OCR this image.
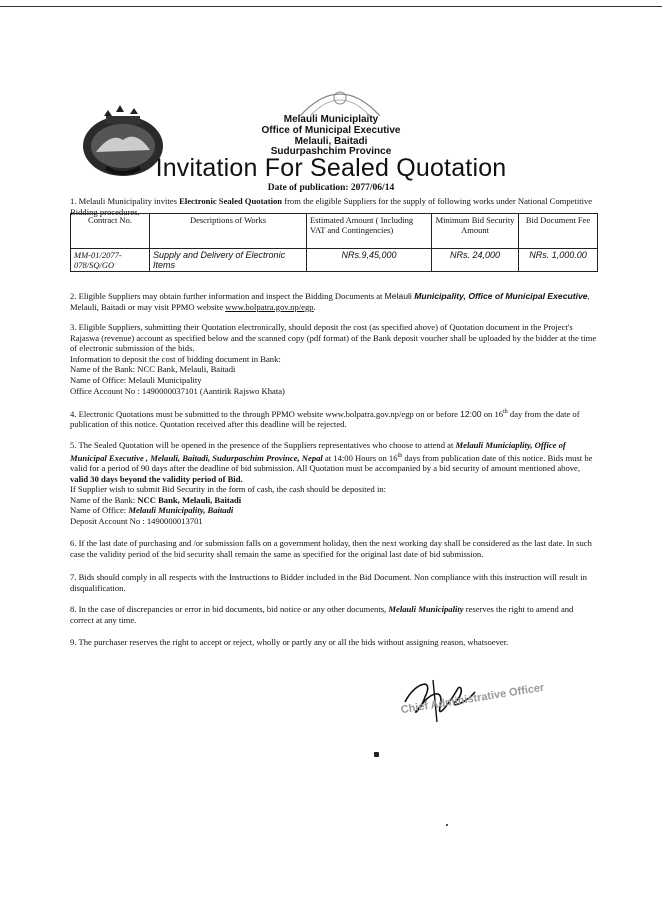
Melauli Municiplaity
Office of Municipal Executive
Melauli, Baitadi
Sudurpashchim Province
Invitation For Sealed Quotation
Date of publication: 2077/06/14
1. Melauli Municipality invites Electronic Sealed Quotation from the eligible Suppliers for the supply of following works under National Competitive Bidding procedures.
Contract No.	Descriptions of Works	Estimated Amount ( Including VAT and Contingencies)	Minimum Bid Security Amount	Bid Document Fee
MM-01/2077-078/SQ/GO	Supply and Delivery of Electronic Items	NRs.9,45,000	NRs. 24,000	NRs. 1,000.00
2. Eligible Suppliers may obtain further information and inspect the Bidding Documents at Melauli Municipality, Office of Municipal Executive, Melauli, Baitadi or may visit PPMO website www.bolpatra.gov.np/egp.
3. Eligible Suppliers, submitting their Quotation electronically, should deposit the cost (as specified above) of Quotation document in the Project's Rajaswa (revenue) account as specified below and the scanned copy (pdf format) of the Bank deposit voucher shall be uploaded by the bidder at the time of electronic submission of the bids.
Information to deposit the cost of bidding document in Bank:
Name of the Bank: NCC Bank, Melauli, Baitadi
Name of Office: Melauli Municipality
Office Account No : 1490000037101 (Aantirik Rajswo Khata)
4. Electronic Quotations must be submitted to the through PPMO website www.bolpatra.gov.np/egp on or before 12:00 on 16th day from the date of publication of this notice. Quotation received after this deadline will be rejected.
5. The Sealed Quotation will be opened in the presence of the Suppliers representatives who choose to attend at Melauli Municiaplity, Office of Municipal Executive , Melauli, Baitadi, Sudurpaschim Province, Nepal at 14:00 Hours on 16th days from publication date of this notice. Bids must be valid for a period of 90 days after the deadline of bid submission. All Quotation must be accompanied by a bid security of amount mentioned above, valid 30 days beyond the validity period of Bid.
If Supplier wish to submit Bid Security in the form of cash, the cash should be deposited in:
Name of the Bank: NCC Bank, Melauli, Baitadi
Name of Office: Melauli Municipality, Baitadi
Deposit Account No : 1490000013701
6. If the last date of purchasing and /or submission falls on a government holiday, then the next working day shall be considered as the last date. In such case the validity period of the bid security shall remain the same as specified for the original last date of bid submission.
7. Bids should comply in all respects with the Instructions to Bidder included in the Bid Document. Non compliance with this instruction will result in disqualification.
8. In the case of discrepancies or error in bid documents, bid notice or any other documents, Melauli Municipality reserves the right to amend and correct at any time.
9. The purchaser reserves the right to accept or reject, wholly or partly any or all the bids without assigning reason, whatsoever.
Chief Administrative Officer
